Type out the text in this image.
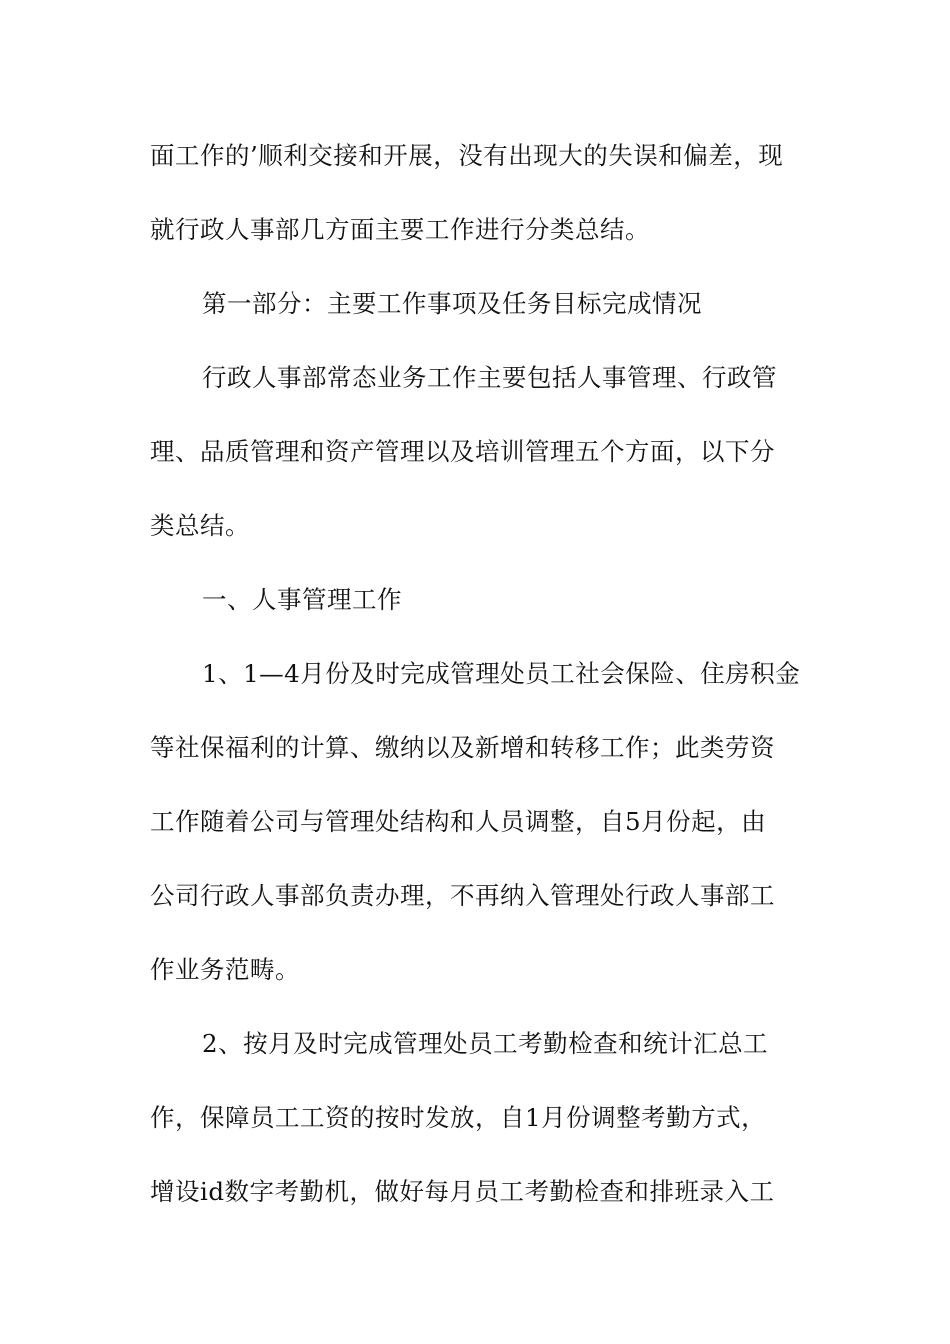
面工作的’顺利交接和开展，没有出现大的失误和偏差，现
就行政人事部几方面主要工作进行分类总结。
第一部分：主要工作事项及任务目标完成情况
行政人事部常态业务工作主要包括人事管理、行政管
理、品质管理和资产管理以及培训管理五个方面，以下分
类总结。
一、人事管理工作
1、1—4月份及时完成管理处员工社会保险、住房积金
等社保福利的计算、缴纳以及新增和转移工作；此类劳资
工作随着公司与管理处结构和人员调整，自5月份起，由
公司行政人事部负责办理，不再纳入管理处行政人事部工
作业务范畴。
2、按月及时完成管理处员工考勤检查和统计汇总工
作，保障员工工资的按时发放，自1月份调整考勤方式，
增设id数字考勤机，做好每月员工考勤检查和排班录入工
